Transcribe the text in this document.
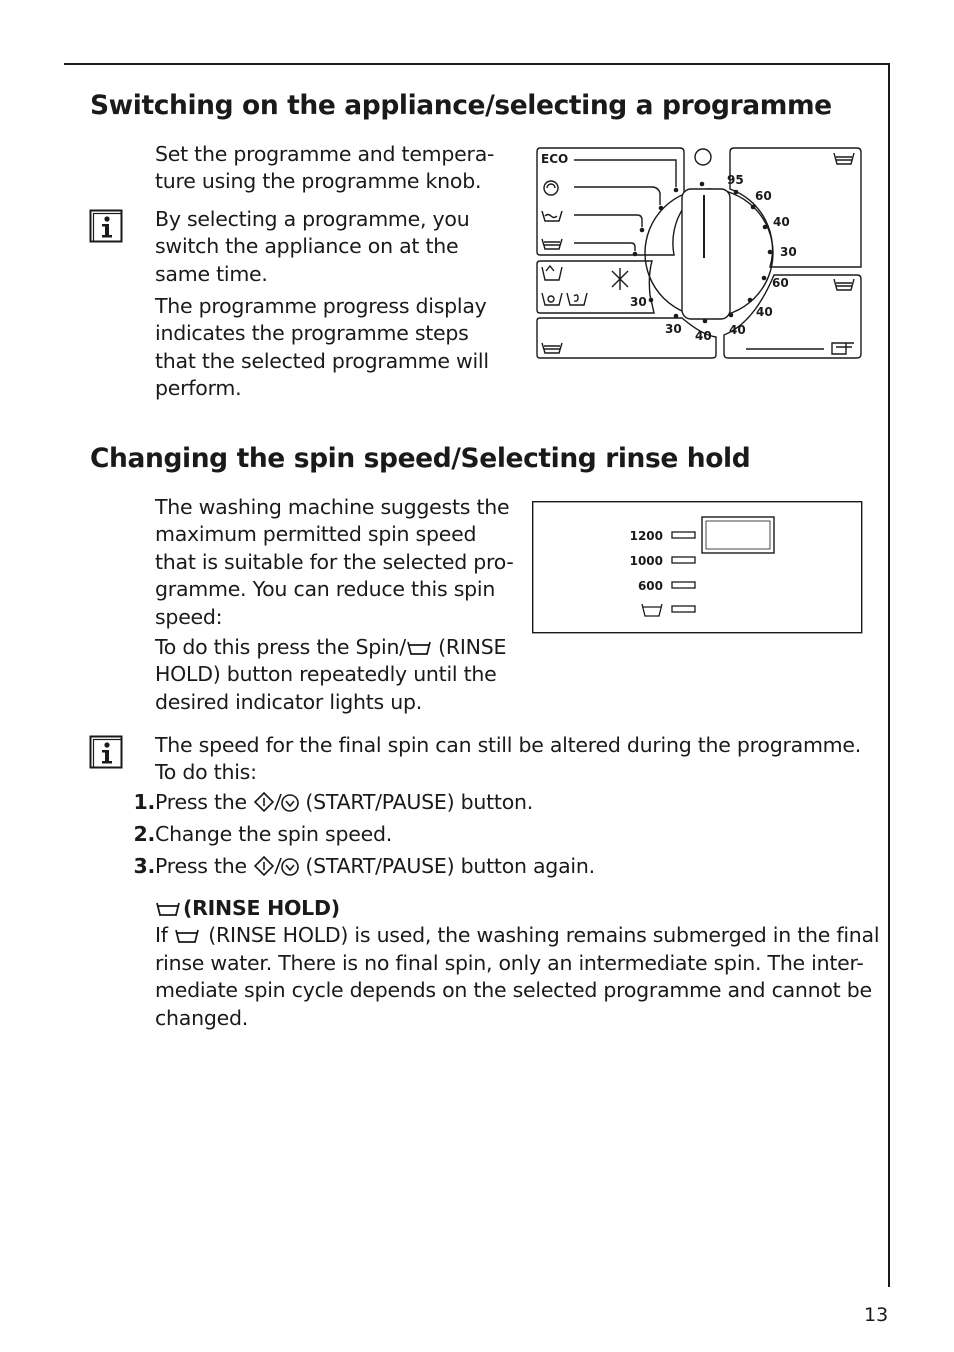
Switching on the appliance/selecting a programme
Set the programme and tempera-
ture using the programme knob.
By selecting a programme, you
switch the appliance on at the
same time.
The programme progress display
indicates the programme steps
that the selected programme will
perform.
ECO
95
60
40
30
60
40
40
30
30 40
Changing the spin speed/Selecting rinse hold
The washing machine suggests the
maximum permitted spin speed
that is suitable for the selected pro-
gramme. You can reduce this spin
speed:
To do this press the Spin/ (RINSE
HOLD) button repeatedly until the
desired indicator lights up.
1200
1000
600
The speed for the final spin can still be altered during the programme.
To do this:
1.Press the  (START/PAUSE) button.
2.Change the spin speed.
3.Press the  (START/PAUSE) button again.
(RINSE HOLD)
If  (RINSE HOLD) is used, the washing remains submerged in the final
rinse water. There is no final spin, only an intermediate spin. The inter-
mediate spin cycle depends on the selected programme and cannot be
changed.
13
